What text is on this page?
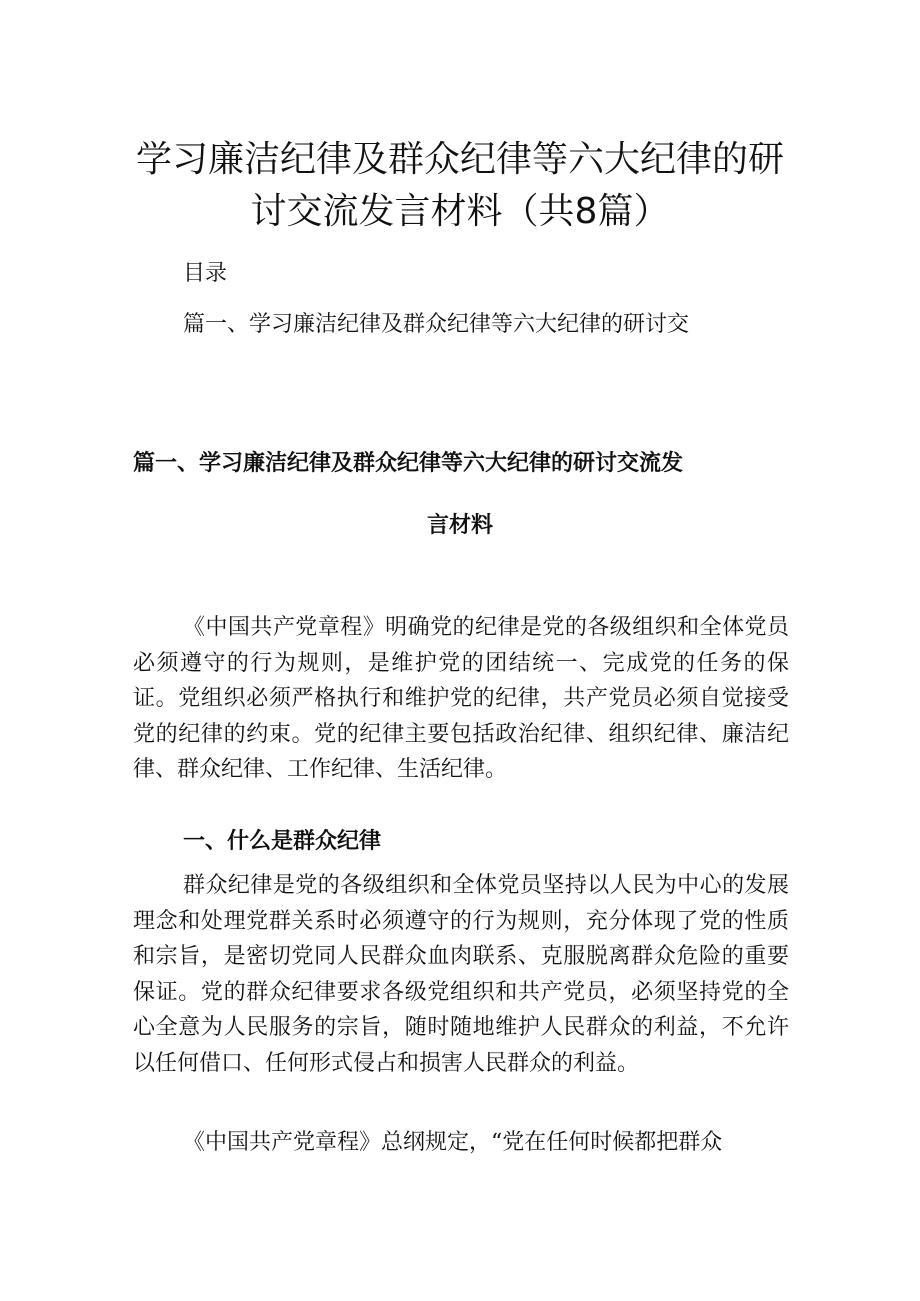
学习廉洁纪律及群众纪律等六大纪律的研
讨交流发言材料（共8篇）
目录
篇一、学习廉洁纪律及群众纪律等六大纪律的研讨交
篇一、学习廉洁纪律及群众纪律等六大纪律的研讨交流发
言材料

《中国共产党章程》明确党的纪律是党的各级组织和全体党员必须遵守的行为规则，是维护党的团结统一、完成党的任务的保证。党组织必须严格执行和维护党的纪律，共产党员必须自觉接受党的纪律的约束。党的纪律主要包括政治纪律、组织纪律、廉洁纪律、群众纪律、工作纪律、生活纪律。

一、什么是群众纪律

群众纪律是党的各级组织和全体党员坚持以人民为中心的发展理念和处理党群关系时必须遵守的行为规则，充分体现了党的性质和宗旨，是密切党同人民群众血肉联系、克服脱离群众危险的重要保证。党的群众纪律要求各级党组织和共产党员，必须坚持党的全心全意为人民服务的宗旨，随时随地维护人民群众的利益，不允许以任何借口、任何形式侵占和损害人民群众的利益。

《中国共产党章程》总纲规定，“党在任何时候都把群众
